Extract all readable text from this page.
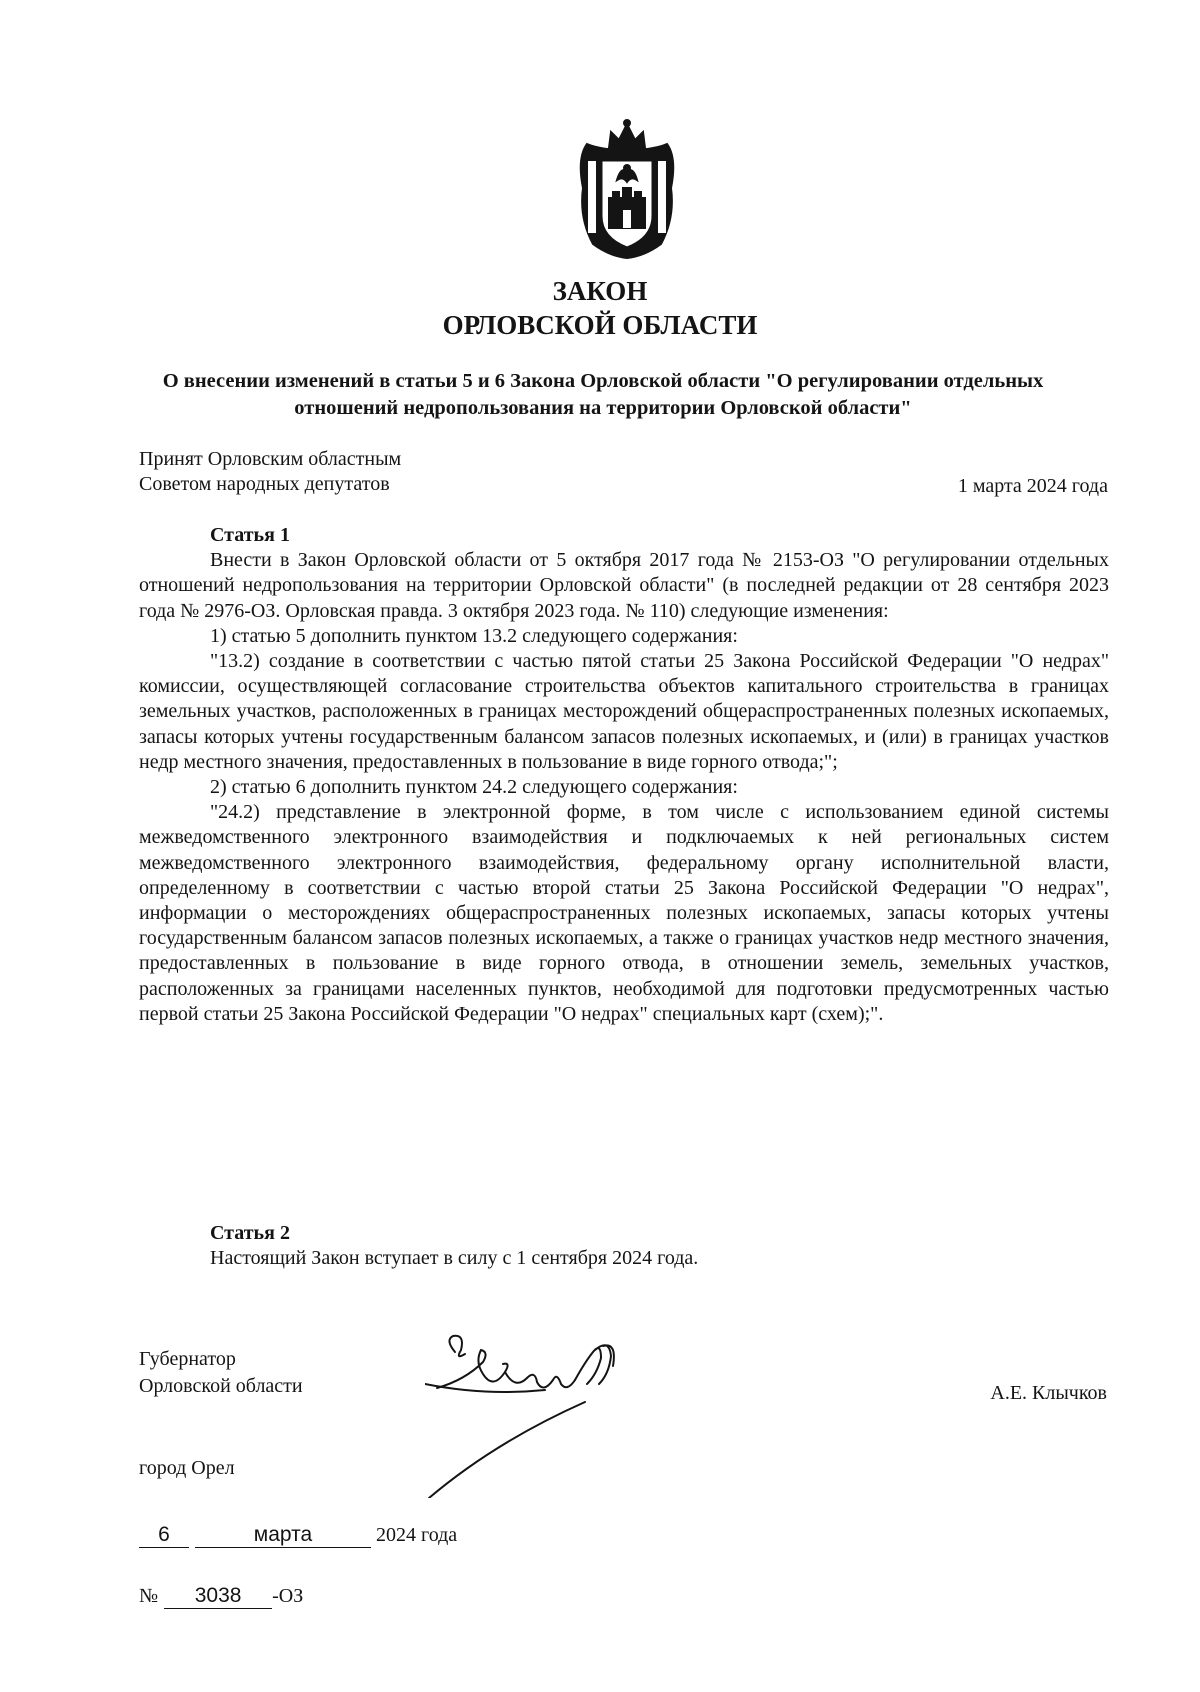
ЗАКОН
ОРЛОВСКОЙ ОБЛАСТИ
О внесении изменений в статьи 5 и 6 Закона Орловской области "О регулировании отдельных отношений недропользования на территории Орловской области"
Принят Орловским областным
Советом народных депутатов	1 марта 2024 года
Статья 1
Внести в Закон Орловской области от 5 октября 2017 года № 2153-ОЗ "О регулировании отдельных отношений недропользования на территории Орловской области" (в последней редакции от 28 сентября 2023 года № 2976-ОЗ. Орловская правда. 3 октября 2023 года. № 110) следующие изменения:
1) статью 5 дополнить пунктом 13.2 следующего содержания:
"13.2) создание в соответствии с частью пятой статьи 25 Закона Российской Федерации "О недрах" комиссии, осуществляющей согласование строительства объектов капитального строительства в границах земельных участков, расположенных в границах месторождений общераспространенных полезных ископаемых, запасы которых учтены государственным балансом запасов полезных ископаемых, и (или) в границах участков недр местного значения, предоставленных в пользование в виде горного отвода;";
2) статью 6 дополнить пунктом 24.2 следующего содержания:
"24.2) представление в электронной форме, в том числе с использованием единой системы межведомственного электронного взаимодействия и подключаемых к ней региональных систем межведомственного электронного взаимодействия, федеральному органу исполнительной власти, определенному в соответствии с частью второй статьи 25 Закона Российской Федерации "О недрах", информации о месторождениях общераспространенных полезных ископаемых, запасы которых учтены государственным балансом запасов полезных ископаемых, а также о границах участков недр местного значения, предоставленных в пользование в виде горного отвода, в отношении земель, земельных участков, расположенных за границами населенных пунктов, необходимой для подготовки предусмотренных частью первой статьи 25 Закона Российской Федерации "О недрах" специальных карт (схем);".
Статья 2
Настоящий Закон вступает в силу с 1 сентября 2024 года.
Губернатор
Орловской области	А.Е. Клычков
город Орел
6	марта	2024 года
№ 3038 -ОЗ
